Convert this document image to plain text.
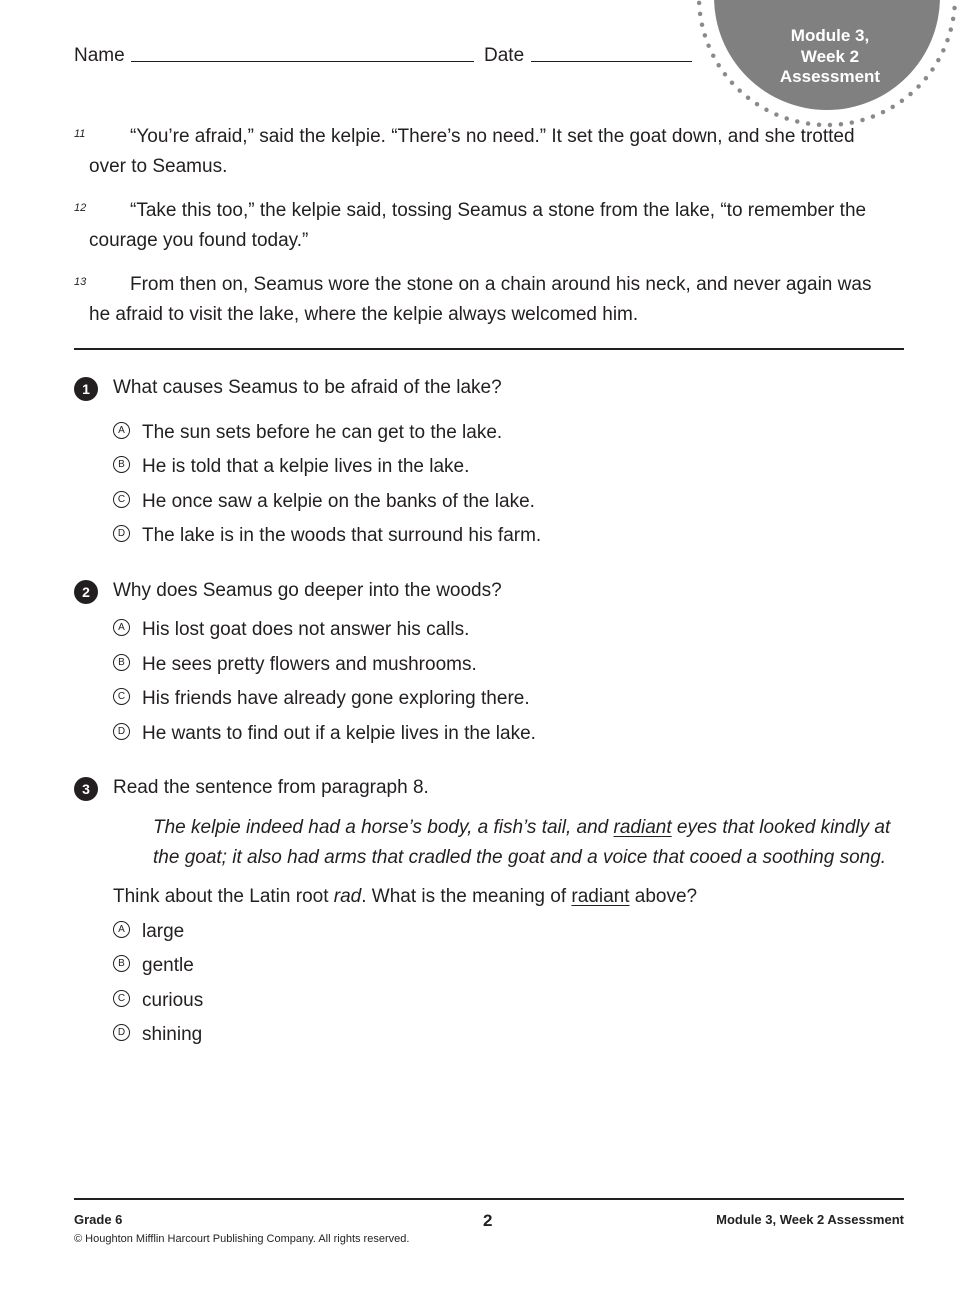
Name	Date
Module 3,
Week 2
Assessment
11	“You’re afraid,” said the kelpie. “There’s no need.” It set the goat down, and she trotted over to Seamus.
12	“Take this too,” the kelpie said, tossing Seamus a stone from the lake, “to remember the courage you found today.”
13	From then on, Seamus wore the stone on a chain around his neck, and never again was he afraid to visit the lake, where the kelpie always welcomed him.
1	What causes Seamus to be afraid of the lake?
A The sun sets before he can get to the lake.
B He is told that a kelpie lives in the lake.
C He once saw a kelpie on the banks of the lake.
D The lake is in the woods that surround his farm.
2	Why does Seamus go deeper into the woods?
A His lost goat does not answer his calls.
B He sees pretty flowers and mushrooms.
C His friends have already gone exploring there.
D He wants to find out if a kelpie lives in the lake.
3	Read the sentence from paragraph 8.
The kelpie indeed had a horse’s body, a fish’s tail, and radiant eyes that looked kindly at the goat; it also had arms that cradled the goat and a voice that cooed a soothing song.
Think about the Latin root rad. What is the meaning of radiant above?
A large
B gentle
C curious
D shining
Grade 6	2	Module 3, Week 2 Assessment
© Houghton Mifflin Harcourt Publishing Company. All rights reserved.
